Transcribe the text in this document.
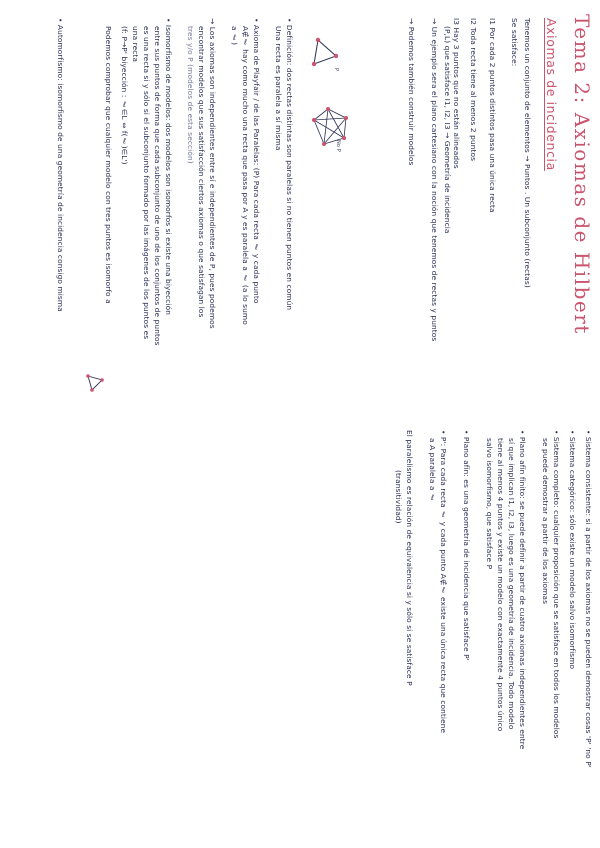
Tema 2: Axiomas de Hilbert
Axiomas de incidencia
Tenemos un conjunto de elementos → Puntos . Un subconjunto (rectas)
Se satisface:
I1 Por cada 2 puntos distintos pasa una única recta
I2 Toda recta tiene al menos 2 puntos
I3 Hay 3 puntos que no están alineados
→ Un ejemplo sera el plano cartesiano con la noción que tenemos de rectas y puntos (P,L) que satisface I1, I2, I3 → Geometría de incidencia
→ Podemos también construir modelos
P
No P
• Definición: dos rectas distintas son paralelas si no tienen puntos en común
Una recta es paralela a sí misma
• Axioma de Playfair / de las Paralelas: (P) Para cada recta ℓ y cada punto
A∉ℓ hay como mucho una recta que pasa por A y es paralela a ℓ (a lo sumo
a ℓ)
→ Los axiomas son independientes entre sí e independientes de P, pues podemos
encontrar modelos que sus satisfacción ciertos axiomas o que satisfagan los
tres y/o P (modelos de esta sección)
• Isomorfismo de modelos: dos modelos son isomorfos si existe una biyección
entre sus puntos de forma que cada subconjunto de uno de los conjuntos de puntos
es una recta si y sólo si el subconjunto formado por las imágenes de los puntos es
una recta
(f: P→P' biyección : ℓ∈L ⇔ f(ℓ)∈L')
Podemos comprobar que cualquier modelo con tres puntos es isomorfo a
• Automorfismo: isomorfismo de una geometría de incidencia consigo misma
• Sistema consistente: si a partir de los axiomas no se pueden demostrar cosas 'P' 'no P'
• Sistema categórico: sólo existe un modelo salvo isomorfismo
• Sistema completo: cualquier proposición que se satisface en todos los modelos
se puede demostrar a partir de los axiomas
• Plano afín finito: se puede definir a partir de cuatro axiomas independientes entre
sí que implican I1, I2, I3, luego es una geometría de incidencia. Todo modelo
tiene al menos 4 puntos y existe un modelo con exactamente 4 puntos único
salvo isomorfismo, que satisface P
• Plano afín: es una geometría de incidencia que satisface P'
• P': Para cada recta ℓ y cada punto A∉ℓ existe una única recta que contiene
a A paralela a ℓ
El paralelismo es relación de equivalencia si y sólo si se satisface P
(transitividad)
